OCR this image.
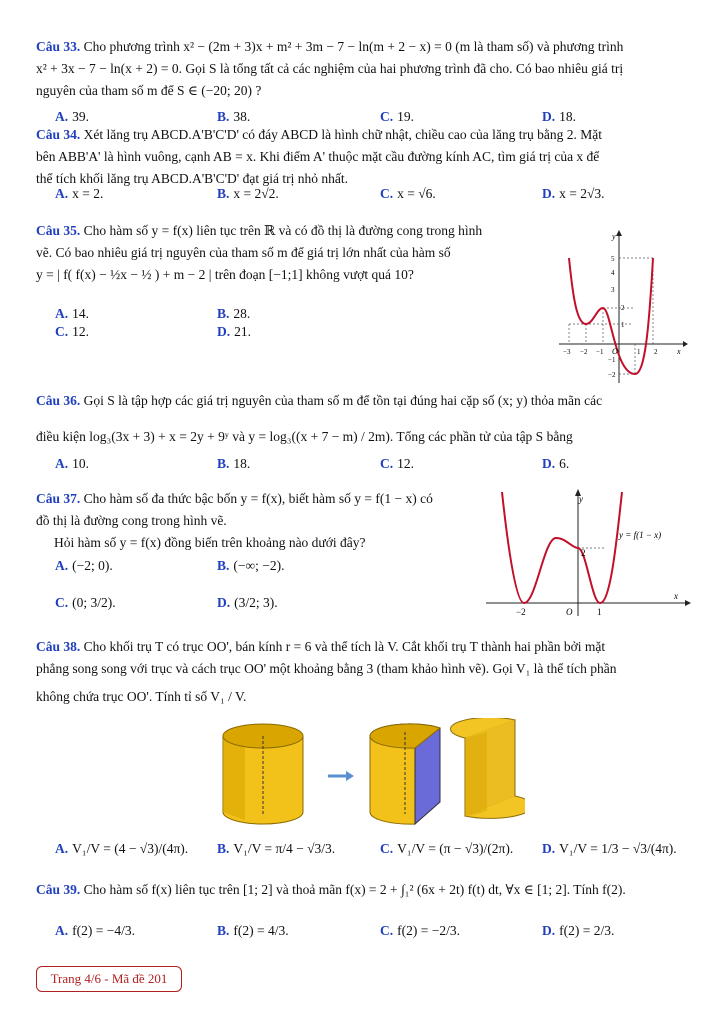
Câu 33. Cho phương trình x² − (2m + 3)x + m² + 3m − 7 − ln(m + 2 − x) = 0 (m là tham số) và phương trình
x² + 3x − 7 − ln(x + 2) = 0. Gọi S là tổng tất cả các nghiệm của hai phương trình đã cho. Có bao nhiêu giá trị
nguyên của tham số m để S ∈ (−20; 20) ?
A. 39.	B. 38.	C. 19.	D. 18.
Câu 34. Xét lăng trụ ABCD.A'B'C'D' có đáy ABCD là hình chữ nhật, chiều cao của lăng trụ bằng 2. Mặt
bên ABB'A' là hình vuông, cạnh AB = x. Khi điểm A' thuộc mặt cầu đường kính AC, tìm giá trị của x để
thể tích khối lăng trụ ABCD.A'B'C'D' đạt giá trị nhỏ nhất.
A. x = 2.	B. x = 2√2.	C. x = √6.	D. x = 2√3.
Câu 35. Cho hàm số y = f(x) liên tục trên ℝ và có đồ thị là đường cong trong hình
vẽ. Có bao nhiêu giá trị nguyên của tham số m để giá trị lớn nhất của hàm số
y = | f( f(x) − ½x − ½ ) + m − 2 | trên đoạn [−1;1] không vượt quá 10?
A. 14.	B. 28.
C. 12.	D. 21.
y
x
O
5
4
3
2
1
−1
−2
−3 −2 −1	1 2
Câu 36. Gọi S là tập hợp các giá trị nguyên của tham số m để tồn tại đúng hai cặp số (x; y) thỏa mãn các
điều kiện log₃(3x + 3) + x = 2y + 9ʸ và y = log₃((x + 7 − m) / 2m). Tổng các phần tử của tập S bằng
A. 10.	B. 18.	C. 12.	D. 6.
Câu 37. Cho hàm số đa thức bậc bốn y = f(x), biết hàm số y = f(1 − x) có
đồ thị là đường cong trong hình vẽ.
Hỏi hàm số y = f(x) đồng biến trên khoảng nào dưới đây?
A. (−2; 0).	B. (−∞; −2).
C. (0; 3/2).	D. (3/2; 3).
y = f(1 − x)
y
x
O
2
−2	1
Câu 38. Cho khối trụ T có trục OO', bán kính r = 6 và thể tích là V. Cắt khối trụ T thành hai phần bởi mặt
phẳng song song với trục và cách trục OO' một khoảng bằng 3 (tham khảo hình vẽ). Gọi V₁ là thể tích phần
không chứa trục OO'. Tính tỉ số V₁ / V.
A. V₁/V = (4 − √3)/(4π). B. V₁/V = π/4 − √3/3.	C. V₁/V = (π − √3)/(2π). D. V₁/V = 1/3 − √3/(4π).
Câu 39. Cho hàm số f(x) liên tục trên [1; 2] và thoả mãn f(x) = 2 + ∫₁² (6x + 2t) f(t) dt, ∀x ∈ [1; 2]. Tính f(2).
A. f(2) = −4/3.	B. f(2) = 4/3.	C. f(2) = −2/3.	D. f(2) = 2/3.
Trang 4/6 - Mã đề 201
